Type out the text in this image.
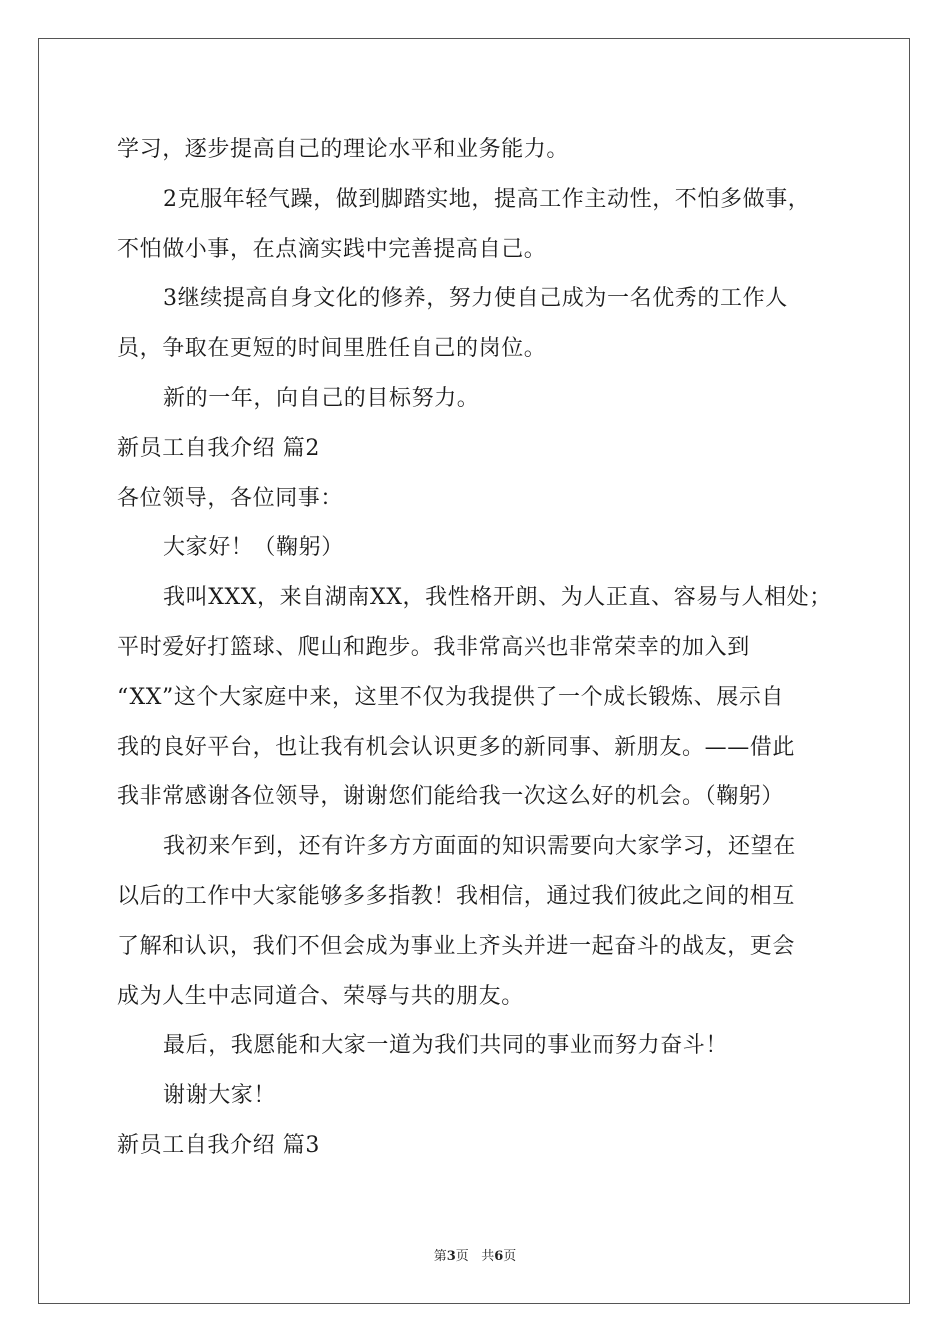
学习，逐步提高自己的理论水平和业务能力。
2克服年轻气躁，做到脚踏实地，提高工作主动性，不怕多做事，
不怕做小事，在点滴实践中完善提高自己。
3继续提高自身文化的修养，努力使自己成为一名优秀的工作人
员，争取在更短的时间里胜任自己的岗位。
新的一年，向自己的目标努力。
新员工自我介绍 篇2
各位领导，各位同事：
大家好！（鞠躬）
我叫XXX，来自湖南XX，我性格开朗、为人正直、容易与人相处；
平时爱好打篮球、爬山和跑步。我非常高兴也非常荣幸的加入到
“XX”这个大家庭中来，这里不仅为我提供了一个成长锻炼、展示自
我的良好平台，也让我有机会认识更多的新同事、新朋友。——借此
我非常感谢各位领导，谢谢您们能给我一次这么好的机会。（鞠躬）
我初来乍到，还有许多方方面面的知识需要向大家学习，还望在
以后的工作中大家能够多多指教！我相信，通过我们彼此之间的相互
了解和认识，我们不但会成为事业上齐头并进一起奋斗的战友，更会
成为人生中志同道合、荣辱与共的朋友。
最后，我愿能和大家一道为我们共同的事业而努力奋斗！
谢谢大家！
新员工自我介绍 篇3
第3页 共6页
